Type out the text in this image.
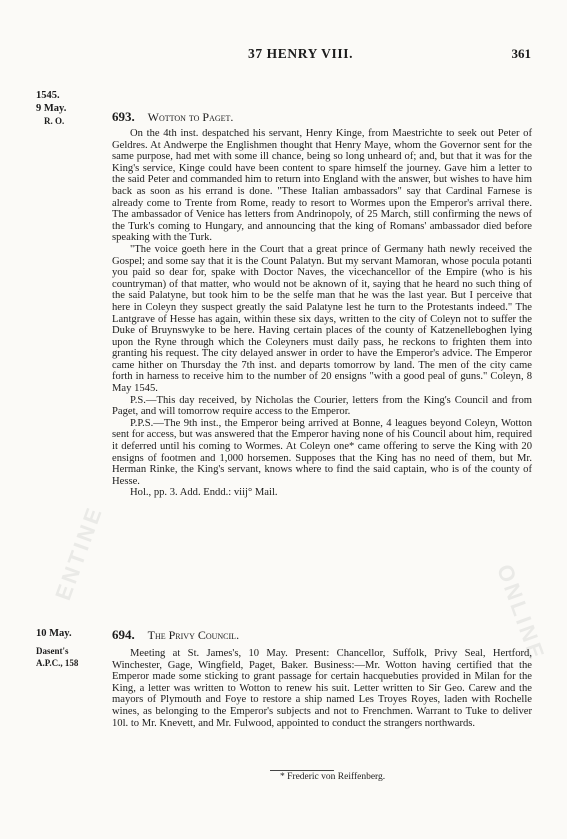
ENTINE
ONLINE
37 HENRY VIII.	361
1545.
9 May.
R. O.	693. Wotton to Paget.

On the 4th inst. despatched his servant, Henry Kinge, from Maestrichte to seek out Peter of Geldres. At Andwerpe the Englishmen thought that Henry Maye, whom the Governor sent for the same purpose, had met with some ill chance, being so long unheard of; and, but that it was for the King's service, Kinge could have been content to spare himself the journey. Gave him a letter to the said Peter and commanded him to return into England with the answer, but wishes to have him back as soon as his errand is done. "These Italian ambassadors" say that Cardinal Farnese is already come to Trente from Rome, ready to resort to Wormes upon the Emperor's arrival there. The ambassador of Venice has letters from Andrinopoly, of 25 March, still confirming the news of the Turk's coming to Hungary, and announcing that the king of Romans' ambassador died before speaking with the Turk.

"The voice goeth here in the Court that a great prince of Germany hath newly received the Gospel; and some say that it is the Count Palatyn. But my servant Mamoran, whose pocula potanti you paid so dear for, spake with Doctor Naves, the vicechancellor of the Empire (who is his countryman) of that matter, who would not be aknown of it, saying that he heard no such thing of the said Palatyne, but took him to be the selfe man that he was the last year. But I perceive that here in Coleyn they suspect greatly the said Palatyne lest he turn to the Protestants indeed." The Lantgrave of Hesse has again, within these six days, written to the city of Coleyn not to suffer the Duke of Bruynswyke to be here. Having certain places of the county of Katzenelleboghen lying upon the Ryne through which the Coleyners must daily pass, he reckons to frighten them into granting his request. The city delayed answer in order to have the Emperor's advice. The Emperor came hither on Thursday the 7th inst. and departs tomorrow by land. The men of the city came forth in harness to receive him to the number of 20 ensigns "with a good peal of guns." Coleyn, 8 May 1545.

P.S.—This day received, by Nicholas the Courier, letters from the King's Council and from Paget, and will tomorrow require access to the Emperor.

P.P.S.—The 9th inst., the Emperor being arrived at Bonne, 4 leagues beyond Coleyn, Wotton sent for access, but was answered that the Emperor having none of his Council about him, required it deferred until his coming to Wormes. At Coleyn one* came offering to serve the King with 20 ensigns of footmen and 1,000 horsemen. Supposes that the King has no need of them, but Mr. Herman Rinke, the King's servant, knows where to find the said captain, who is of the county of Hesse.

Hol., pp. 3. Add. Endd.: viij° Mail.

10 May.
Dasent's
A.P.C., 158
694. The Privy Council.

Meeting at St. James's, 10 May. Present: Chancellor, Suffolk, Privy Seal, Hertford, Winchester, Gage, Wingfield, Paget, Baker. Business:—Mr. Wotton having certified that the Emperor made some sticking to grant passage for certain hacquebuties provided in Milan for the King, a letter was written to Wotton to renew his suit. Letter written to Sir Geo. Carew and the mayors of Plymouth and Foye to restore a ship named Les Troyes Royes, laden with Rochelle wines, as belonging to the Emperor's subjects and not to Frenchmen. Warrant to Tuke to deliver 10l. to Mr. Knevett, and Mr. Fulwood, appointed to conduct the strangers northwards.

* Frederic von Reiffenberg.
